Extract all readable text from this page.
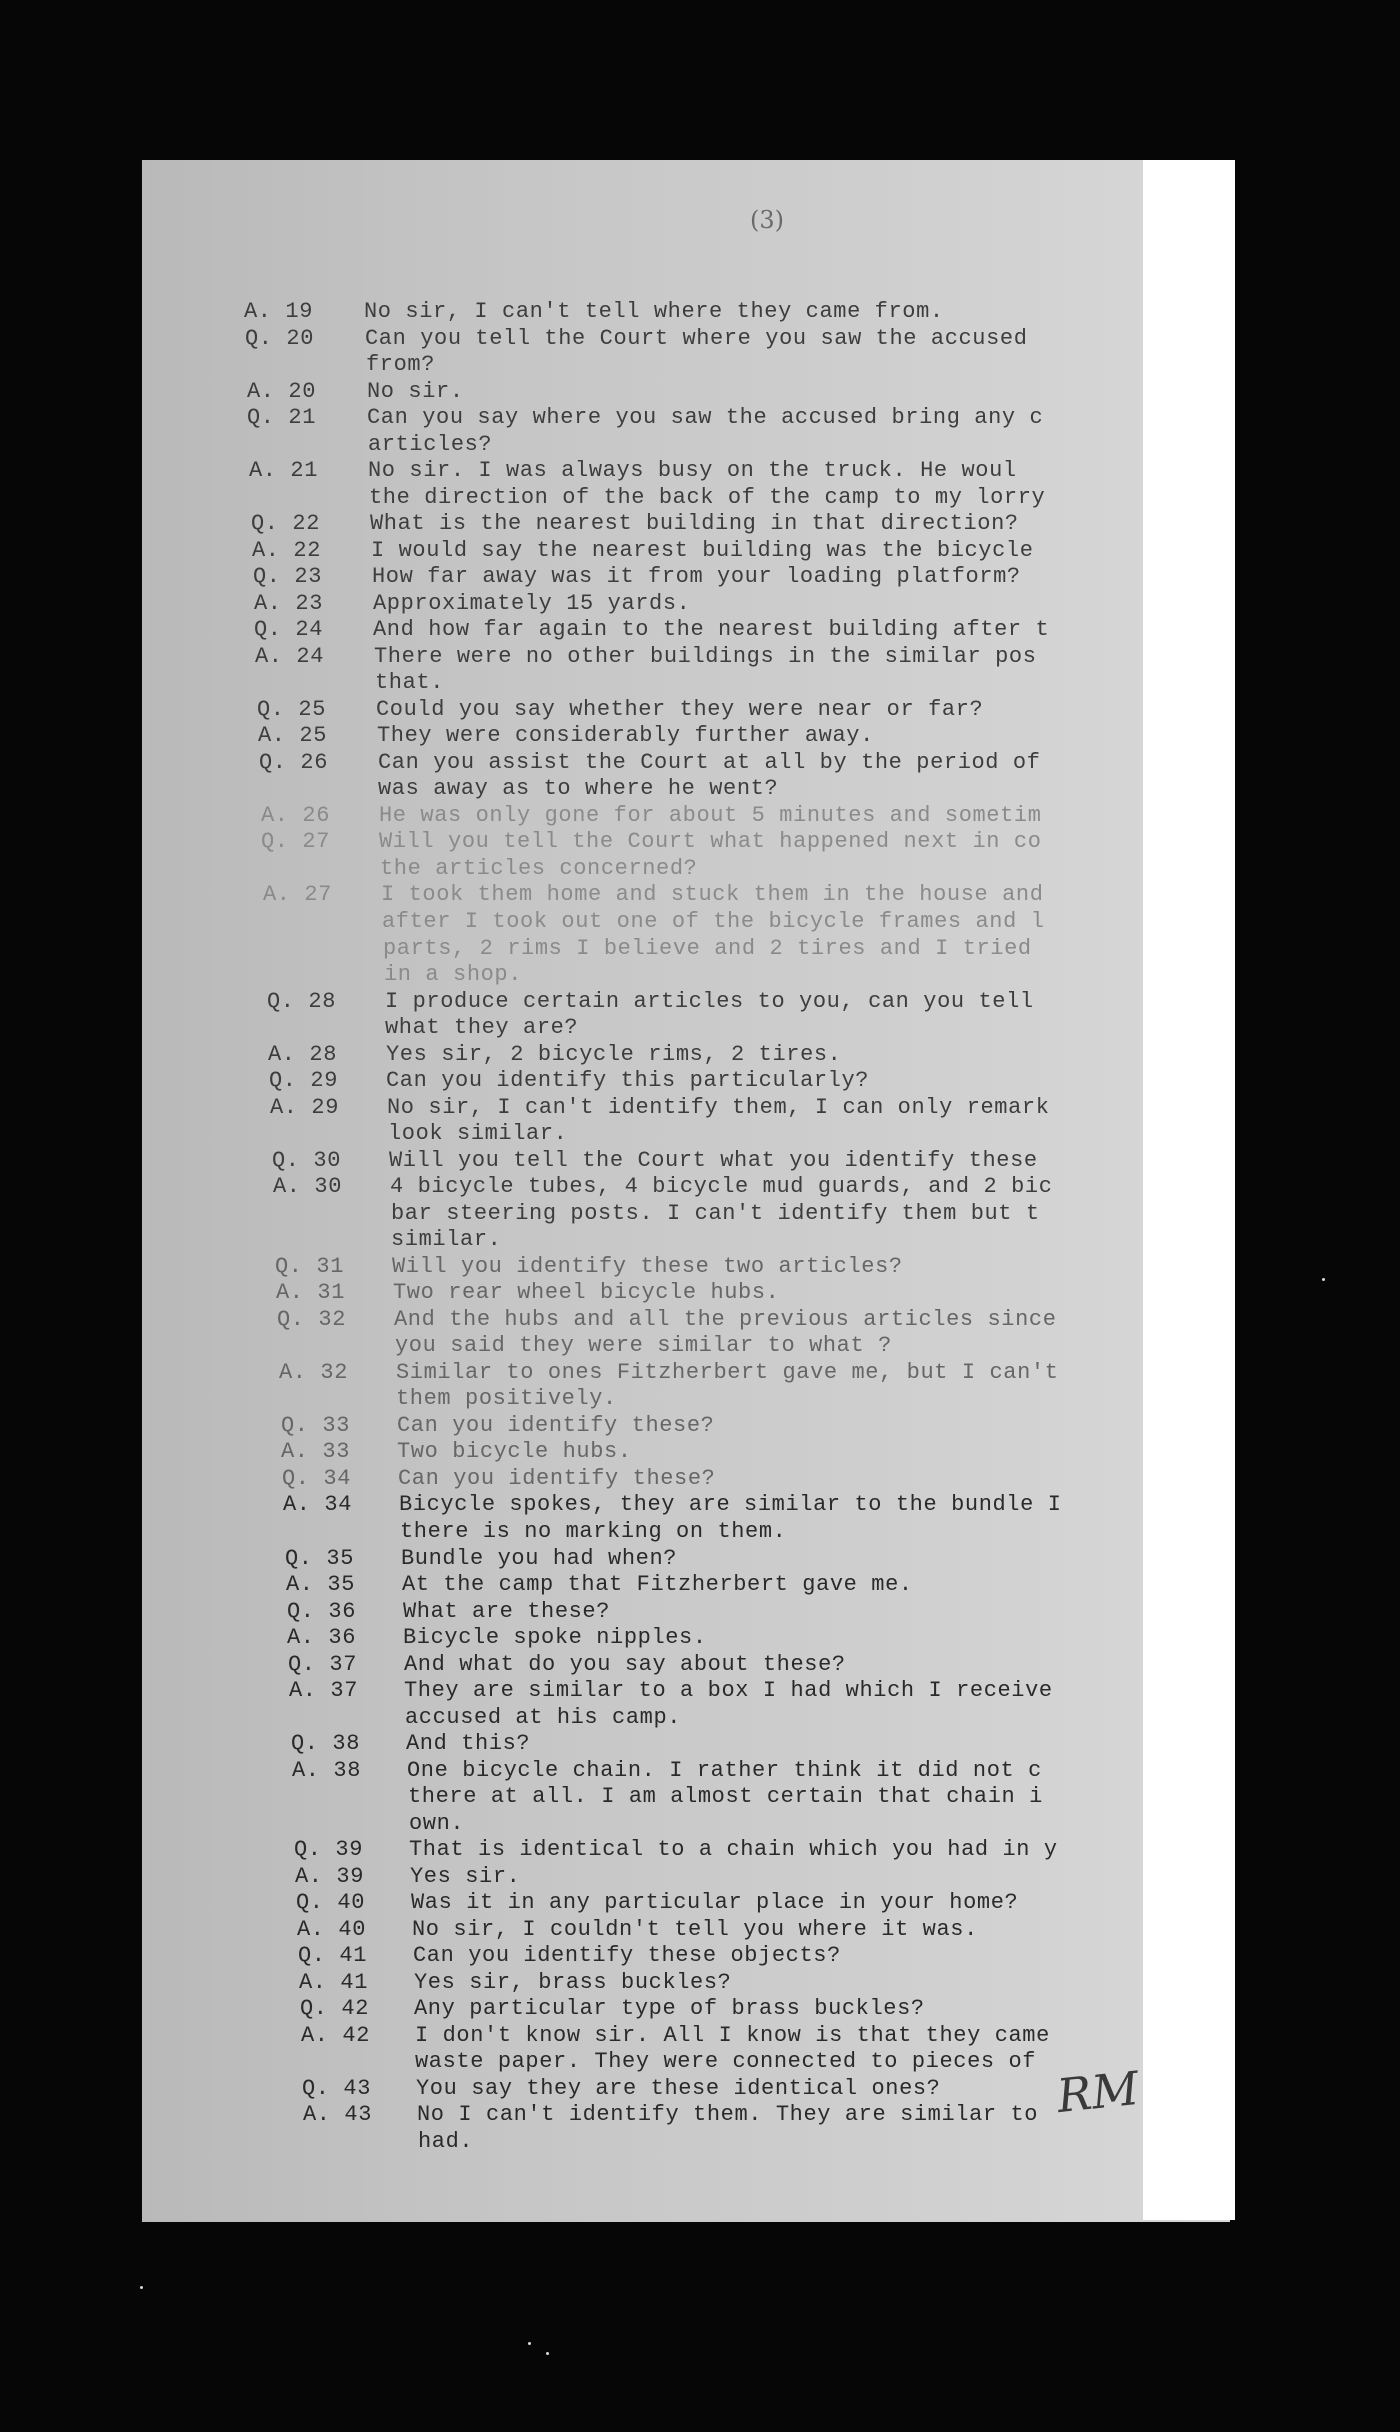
(3)
A. 19	No sir, I can't tell where they came from.
Q. 20	Can you tell the Court where you saw the accused
from?
A. 20	No sir.
Q. 21	Can you say where you saw the accused bring any c
articles?
A. 21	No sir. I was always busy on the truck. He woul
the direction of the back of the camp to my lorry
Q. 22	What is the nearest building in that direction?
A. 22	I would say the nearest building was the bicycle
Q. 23	How far away was it from your loading platform?
A. 23	Approximately 15 yards.
Q. 24	And how far again to the nearest building after t
A. 24	There were no other buildings in the similar pos
that.
Q. 25	Could you say whether they were near or far?
A. 25	They were considerably further away.
Q. 26	Can you assist the Court at all by the period of
was away as to where he went?
A. 26	He was only gone for about 5 minutes and sometim
Q. 27	Will you tell the Court what happened next in co
the articles concerned?
A. 27	I took them home and stuck them in the house and
after I took out one of the bicycle frames and l
parts, 2 rims I believe and 2 tires and I tried
in a shop.
Q. 28	I produce certain articles to you, can you tell
what they are?
A. 28	Yes sir, 2 bicycle rims, 2 tires.
Q. 29	Can you identify this particularly?
A. 29	No sir, I can't identify them, I can only remark
look similar.
Q. 30	Will you tell the Court what you identify these
A. 30	4 bicycle tubes, 4 bicycle mud guards, and 2 bic
bar steering posts. I can't identify them but t
similar.
Q. 31	Will you identify these two articles?
A. 31	Two rear wheel bicycle hubs.
Q. 32	And the hubs and all the previous articles since
you said they were similar to what ?
A. 32	Similar to ones Fitzherbert gave me, but I can't
them positively.
Q. 33	Can you identify these?
A. 33	Two bicycle hubs.
Q. 34	Can you identify these?
A. 34	Bicycle spokes, they are similar to the bundle I
there is no marking on them.
Q. 35	Bundle you had when?
A. 35	At the camp that Fitzherbert gave me.
Q. 36	What are these?
A. 36	Bicycle spoke nipples.
Q. 37	And what do you say about these?
A. 37	They are similar to a box I had which I receive
accused at his camp.
Q. 38	And this?
A. 38	One bicycle chain. I rather think it did not c
there at all. I am almost certain that chain i
own.
Q. 39	That is identical to a chain which you had in y
A. 39	Yes sir.
Q. 40	Was it in any particular place in your home?
A. 40	No sir, I couldn't tell you where it was.
Q. 41	Can you identify these objects?
A. 41	Yes sir, brass buckles?
Q. 42	Any particular type of brass buckles?
A. 42	I don't know sir. All I know is that they came
waste paper. They were connected to pieces of
Q. 43	You say they are these identical ones?
A. 43	No I can't identify them. They are similar to
had.
RM
